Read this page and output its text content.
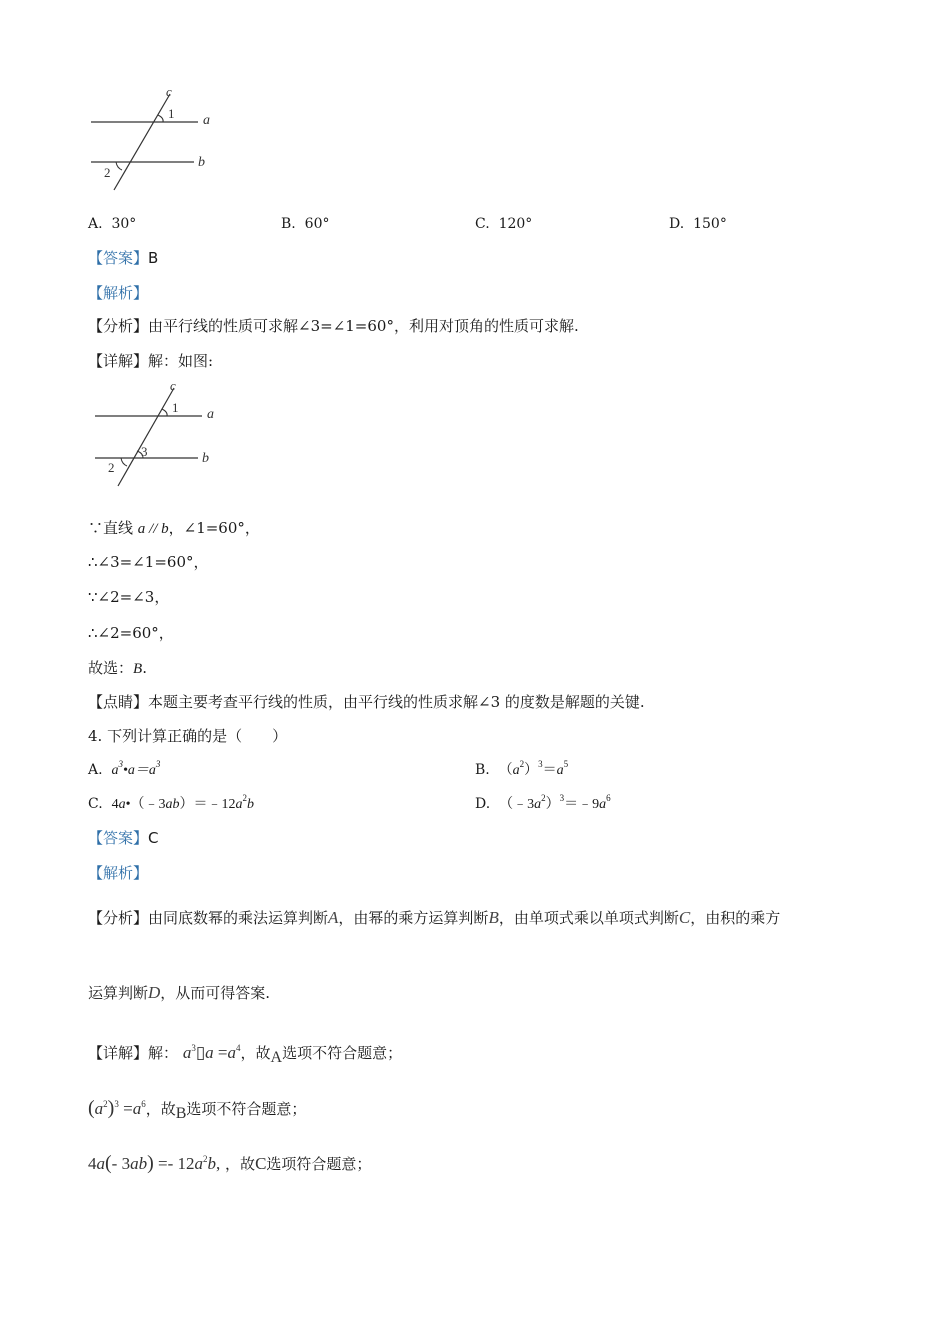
c
1 a
b
2
A. 30°	B. 60°	C. 120°	D. 150°
【答案】B
【解析】
【分析】由平行线的性质可求解∠3=∠1=60°，利用对顶角的性质可求解.
【详解】解：如图:
c
1 a
b
3
2
∵直线 a // b，∠1=60°，
∴∠3=∠1=60°，
∵∠2=∠3，
∴∠2=60°，
故选：B.
【点睛】本题主要考查平行线的性质，由平行线的性质求解∠3 的度数是解题的关键.
4. 下列计算正确的是（　　）
A. $a^3•a=a^3$	B. $(a^2)^3=a^5$
C. $4a•(﹣3ab)=﹣12a^2b$	D. $(﹣3a^2)^3=﹣9a^6$
【答案】C
【解析】
【分析】由同底数幂的乘法运算判断A，由幂的乘方运算判断B，由单项式乘以单项式判断C，由积的乘方
运算判断D，从而可得答案.
【详解】解： $a^3▯a =a^4$，故A选项不符合题意；
$(a^2)^3 =a^6$，故B选项不符合题意；
4a(- $3ab) =- 12a^2b$, ，故C选项符合题意；
